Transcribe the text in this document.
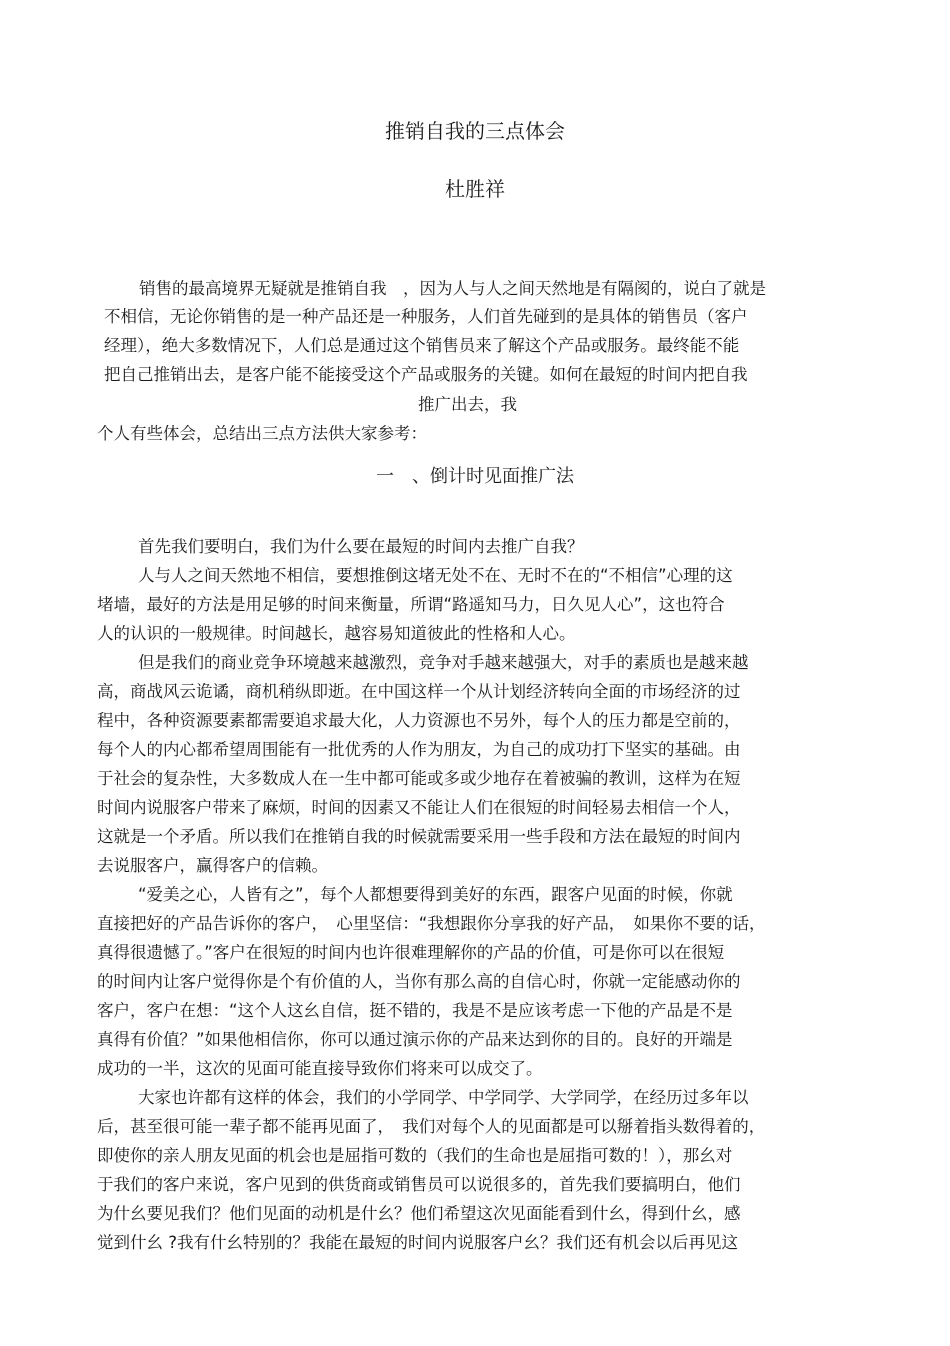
推销自我的三点体会
杜胜祥
销售的最高境界无疑就是推销自我　，因为人与人之间天然地是有隔阂的，说白了就是
不相信，无论你销售的是一种产品还是一种服务，人们首先碰到的是具体的销售员（客户
经理），绝大多数情况下，人们总是通过这个销售员来了解这个产品或服务。最终能不能
把自己推销出去，是客户能不能接受这个产品或服务的关键。如何在最短的时间内把自我
推广出去，我
个人有些体会，总结出三点方法供大家参考：
一　、倒计时见面推广法
首先我们要明白，我们为什么要在最短的时间内去推广自我？
人与人之间天然地不相信，要想推倒这堵无处不在、无时不在的“不相信”心理的这
堵墙，最好的方法是用足够的时间来衡量，所谓“路遥知马力，日久见人心”，这也符合
人的认识的一般规律。时间越长，越容易知道彼此的性格和人心。
但是我们的商业竞争环境越来越激烈，竞争对手越来越强大，对手的素质也是越来越
高，商战风云诡谲，商机稍纵即逝。在中国这样一个从计划经济转向全面的市场经济的过
程中，各种资源要素都需要追求最大化，人力资源也不另外，每个人的压力都是空前的，
每个人的内心都希望周围能有一批优秀的人作为朋友，为自己的成功打下坚实的基础。由
于社会的复杂性，大多数成人在一生中都可能或多或少地存在着被骗的教训，这样为在短
时间内说服客户带来了麻烦，时间的因素又不能让人们在很短的时间轻易去相信一个人，
这就是一个矛盾。所以我们在推销自我的时候就需要采用一些手段和方法在最短的时间内
去说服客户，赢得客户的信赖。
“爱美之心，人皆有之”，每个人都想要得到美好的东西，跟客户见面的时候，你就
直接把好的产品告诉你的客户，　心里坚信：“我想跟你分享我的好产品，　如果你不要的话，
真得很遗憾了。”客户在很短的时间内也许很难理解你的产品的价值，可是你可以在很短
的时间内让客户觉得你是个有价值的人，当你有那么高的自信心时，你就一定能感动你的
客户，客户在想：“这个人这幺自信，挺不错的，我是不是应该考虑一下他的产品是不是
真得有价值？”如果他相信你，你可以通过演示你的产品来达到你的目的。良好的开端是
成功的一半，这次的见面可能直接导致你们将来可以成交了。
大家也许都有这样的体会，我们的小学同学、中学同学、大学同学，在经历过多年以
后，甚至很可能一辈子都不能再见面了，　我们对每个人的见面都是可以掰着指头数得着的，
即使你的亲人朋友见面的机会也是屈指可数的（我们的生命也是屈指可数的！），那幺对
于我们的客户来说，客户见到的供货商或销售员可以说很多的，首先我们要搞明白，他们
为什幺要见我们？他们见面的动机是什幺？他们希望这次见面能看到什幺，得到什幺，感
觉到什幺 ?我有什幺特别的？我能在最短的时间内说服客户幺？我们还有机会以后再见这
